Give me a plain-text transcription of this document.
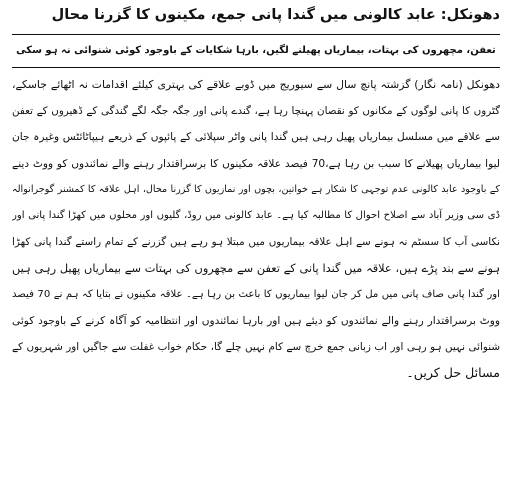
دھونکل: عابد کالونی میں گندا پانی جمع، مکینوں کا گزرنا محال
تعفن، مچھروں کی بہتات، بیماریاں پھیلنے لگیں، بارہا شکایات کے باوجود کوئی شنوائی نہ ہو سکی
دھونکل (نامہ نگار) گزشتہ پانچ سال سے سیوریج میں ڈوبے علاقے کی بہتری کیلئے اقدامات نہ اٹھائے جاسکے،
گٹروں کا پانی لوگوں کے مکانوں کو نقصان پہنچا رہا ہے، گندے پانی اور جگہ جگہ لگے گندگی کے ڈھیروں کے تعفن
سے علاقے میں مسلسل بیماریاں پھیل رہی ہیں گندا پانی واٹر سپلائی کے پائپوں کے ذریعے ہیپاٹائٹس وغیرہ جان
لیوا بیماریاں پھیلانے کا سبب بن رہا ہے،70 فیصد علاقہ مکینوں کا برسراقتدار رہنے والے نمائندوں کو ووٹ دینے
کے باوجود عابد کالونی عدم توجہی کا شکار ہے خواتین، بچوں اور نمازیوں کا گزرنا محال، اہل علاقہ کا کمشنر گوجرانوالہ
ڈی سی وزیر آباد سے اصلاح احوال کا مطالبہ کیا ہے۔ عابد کالونی میں روڈ، گلیوں اور محلوں میں کھڑا گندا پانی اور
نکاسی آب کا سسٹم نہ ہونے سے اہل علاقہ بیماریوں میں مبتلا ہو رہے ہیں گزرنے کے تمام راستے گندا پانی کھڑا
ہونے سے بند پڑے ہیں، علاقہ میں گندا پانی کے تعفن سے مچھروں کی بہتات سے بیماریاں پھیل رہی ہیں
اور گندا پانی صاف پانی میں مل کر جان لیوا بیماریوں کا باعث بن رہا ہے۔ علاقہ مکینوں نے بتایا کہ ہم نے 70 فیصد
ووٹ برسراقتدار رہنے والے نمائندوں کو دیئے ہیں اور بارہا نمائندوں اور انتظامیہ کو آگاہ کرنے کے باوجود کوئی
شنوائی نہیں ہو رہی اور اب زبانی جمع خرچ سے کام نہیں چلے گا، حکام خواب غفلت سے جاگیں اور شہریوں کے
مسائل حل کریں۔
